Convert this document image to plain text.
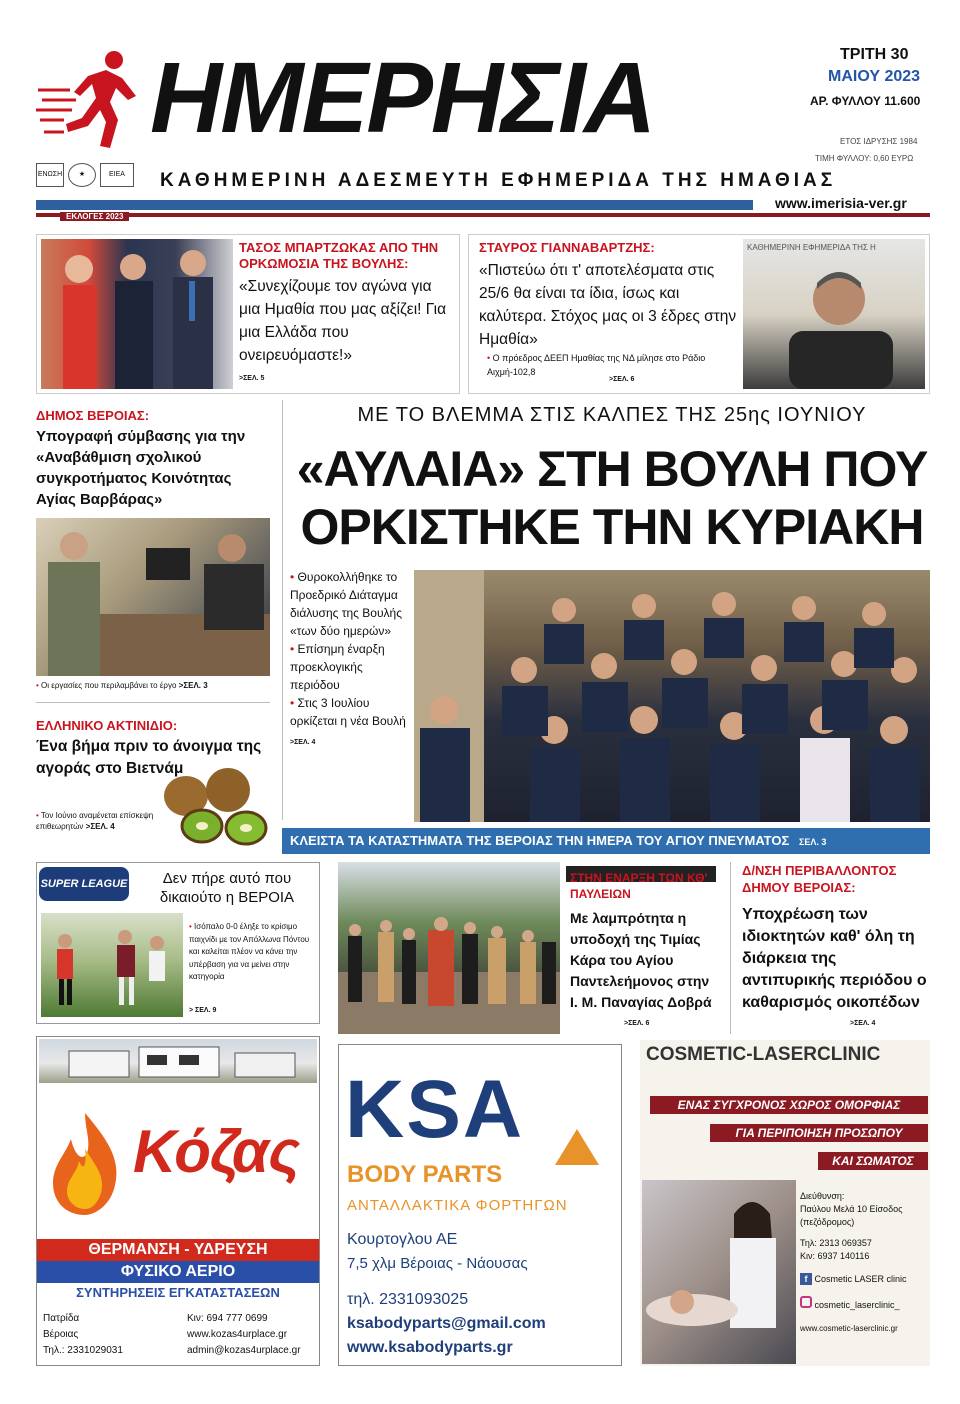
ΗΜΕΡΗΣΙΑ
ΕΝΩΣΗ	★	ΕΙΕΑ	ΚΑΘΗΜΕΡΙΝΗ ΑΔΕΣΜΕΥΤΗ ΕΦΗΜΕΡΙΔΑ ΤΗΣ ΗΜΑΘΙΑΣ
ΤΡΙΤΗ 30
ΜΑΙΟΥ 2023
ΑΡ. ΦΥΛΛΟΥ 11.600
ΕΤΟΣ ΙΔΡΥΣΗΣ 1984
ΤΙΜΗ ΦΥΛΛΟΥ: 0,60 ΕΥΡΩ
ΕΚΛΟΓΕΣ 2023
www.imerisia-ver.gr
ΤΑΣΟΣ ΜΠΑΡΤΖΩΚΑΣ ΑΠΟ ΤΗΝ ΟΡΚΩΜΟΣΙΑ ΤΗΣ ΒΟΥΛΗΣ:
«Συνεχίζουμε τον αγώνα για μια Ημαθία που μας αξίζει! Για μια Ελλάδα που ονειρευόμαστε!»
>ΣΕΛ. 5
ΣΤΑΥΡΟΣ ΓΙΑΝΝΑΒΑΡΤΖΗΣ:
«Πιστεύω ότι τ' αποτελέσματα στις 25/6 θα είναι τα ίδια, ίσως και καλύτερα. Στόχος μας οι 3 έδρες στην Ημαθία»
• Ο πρόεδρος ΔΕΕΠ Ημαθίας της ΝΔ μίλησε στο Ράδιο Αιχμή-102,8
>ΣΕΛ. 6
ΚΑΘΗΜΕΡΙΝΗ ΕΦΗΜΕΡΙΔΑ ΤΗΣ Η
ΔΗΜΟΣ ΒΕΡΟΙΑΣ:
Υπογραφή σύμβασης για την «Αναβάθμιση σχολικού συγκροτήματος Κοινότητας Αγίας Βαρβάρας»
• Οι εργασίες που περιλαμβάνει το έργο >ΣΕΛ. 3
ΕΛΛΗΝΙΚΟ ΑΚΤΙΝΙΔΙΟ:
Ένα βήμα πριν το άνοιγμα της αγοράς στο Βιετνάμ
• Τον Ιούνιο αναμένεται επίσκεψη επιθεωρητών >ΣΕΛ. 4
ΜΕ ΤΟ ΒΛΕΜΜΑ ΣΤΙΣ ΚΑΛΠΕΣ ΤΗΣ 25ης ΙΟΥΝΙΟΥ
«ΑΥΛΑΙΑ» ΣΤΗ ΒΟΥΛΗ ΠΟΥ
ΟΡΚΙΣΤΗΚΕ ΤΗΝ ΚΥΡΙΑΚΗ
• Θυροκολλήθηκε το Προεδρικό Διάταγμα διάλυσης της Βουλής «των δύο ημερών»
• Επίσημη έναρξη προεκλογικής περιόδου
• Στις 3 Ιουλίου ορκίζεται η νέα Βουλή
>ΣΕΛ. 4
ΚΛΕΙΣΤΑ ΤΑ ΚΑΤΑΣΤΗΜΑΤΑ ΤΗΣ ΒΕΡΟΙΑΣ ΤΗΝ ΗΜΕΡΑ ΤΟΥ ΑΓΙΟΥ ΠΝΕΥΜΑΤΟΣ ΣΕΛ. 3
SUPER LEAGUE	Δεν πήρε αυτό που δικαιούτο η ΒΕΡΟΙΑ
• Ισόπαλο 0-0 έληξε το κρίσιμο παιχνίδι με τον Απόλλωνα Πόντου και καλείται πλέον να κάνει την υπέρβαση για να μείνει στην κατηγορία
> ΣΕΛ. 9
ΣΤΗΝ ΕΝΑΡΞΗ ΤΩΝ ΚΘ' ΠΑΥΛΕΙΩΝ
Με λαμπρότητα η υποδοχή της Τιμίας Κάρα του Αγίου Παντελεήμονος στην Ι. Μ. Παναγίας Δοβρά
>ΣΕΛ. 6
Δ/ΝΣΗ ΠΕΡΙΒΑΛΛΟΝΤΟΣ ΔΗΜΟΥ ΒΕΡΟΙΑΣ:
Υποχρέωση των ιδιοκτητών καθ' όλη τη διάρκεια της αντιπυρικής περιόδου ο καθαρισμός οικοπέδων
>ΣΕΛ. 4
Κόζας
ΘΕΡΜΑΝΣΗ - ΥΔΡΕΥΣΗ
ΦΥΣΙΚΟ ΑΕΡΙΟ
ΣΥΝΤΗΡΗΣΕΙΣ ΕΓΚΑΤΑΣΤΑΣΕΩΝ
Πατρίδα
Βέροιας
Τηλ.: 2331029031
Κιν: 694 777 0699
www.kozas4urplace.gr
admin@kozas4urplace.gr
KSA
BODY PARTS
ΑΝΤΑΛΛΑΚΤΙΚΑ ΦΟΡΤΗΓΩΝ
Κουρτογλου ΑΕ
7,5 χλμ Βέροιας - Νάουσας
τηλ. 2331093025
ksabodyparts@gmail.com
www.ksabodyparts.gr
COSMETIC-LASERCLINIC
ΕΝΑΣ ΣΥΓΧΡΟΝΟΣ ΧΩΡΟΣ ΟΜΟΡΦΙΑΣ
ΓΙΑ ΠΕΡΙΠΟΙΗΣΗ ΠΡΟΣΩΠΟΥ
ΚΑΙ ΣΩΜΑΤΟΣ
Διεύθυνση:
Παύλου Μελά 10 Είσοδος (πεζόδρομος)
Τηλ: 2313 069357
Κιν: 6937 140116
f Cosmetic LASER clinic
cosmetic_laserclinic_
www.cosmetic-laserclinic.gr
